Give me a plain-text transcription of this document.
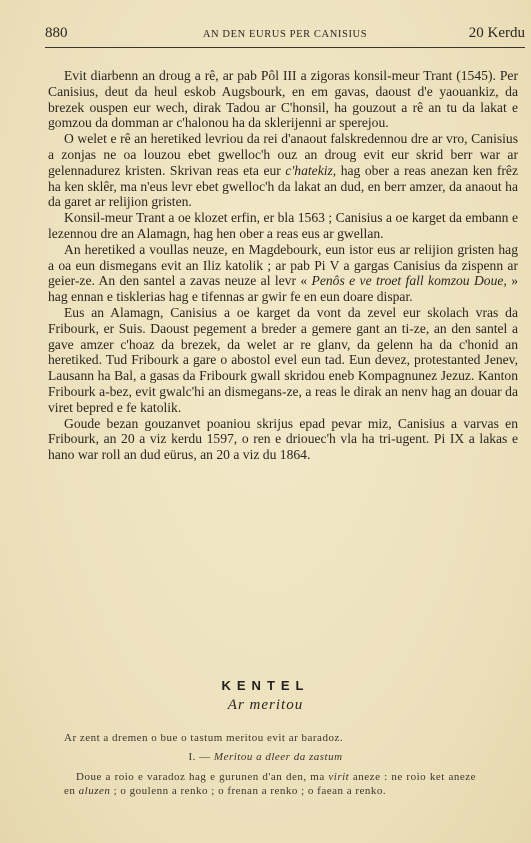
880	AN DEN EURUS PER CANISIUS	20 Kerdu

Evit diarbenn an droug a rê, ar pab Pôl III a zigoras konsil-meur Trant (1545). Per Canisius, deut da heul eskob Augsbourk, en em gavas, daoust d'e yaouankiz, da brezek ouspen eur wech, dirak Tadou ar C'honsil, ha gouzout a rê an tu da lakat e gomzou da domman ar c'halonou ha da sklerijenni ar sperejou.

O welet e rê an heretiked levriou da rei d'anaout falskredennou dre ar vro, Canisius a zonjas ne oa louzou ebet gwelloc'h ouz an droug evit eur skrid berr war ar gelennadurez kristen. Skrivan reas eta eur c'hatekiz, hag ober a reas anezan ken frêz ha ken sklêr, ma n'eus levr ebet gwelloc'h da lakat an dud, en berr amzer, da anaout ha da garet ar relijion gristen.

Konsil-meur Trant a oe klozet erfin, er bla 1563 ; Canisius a oe karget da embann e lezennou dre an Alamagn, hag hen ober a reas eus ar gwellan.

An heretiked a voullas neuze, en Magdebourk, eun istor eus ar relijion gristen hag a oa eun dismegans evit an Iliz katolik ; ar pab Pi V a gargas Canisius da zispenn ar geier-ze. An den santel a zavas neuze al levr « Penôs e ve troet fall komzou Doue, » hag ennan e tisklerias hag e tifennas ar gwir fe en eun doare dispar.

Eus an Alamagn, Canisius a oe karget da vont da zevel eur skolach vras da Fribourk, er Suis. Daoust pegement a breder a gemere gant an ti-ze, an den santel a gave amzer c'hoaz da brezek, da welet ar re glanv, da gelenn ha da c'honid an heretiked. Tud Fribourk a gare o abostol evel eun tad. Eun devez, protestanted Jenev, Lausann ha Bal, a gasas da Fribourk gwall skridou eneb Kompagnunez Jezuz. Kanton Fribourk a-bez, evit gwalc'hi an dismegans-ze, a reas le dirak an nenv hag an douar da viret bepred e fe katolik.

Goude bezan gouzanvet poaniou skrijus epad pevar miz, Canisius a varvas en Fribourk, an 20 a viz kerdu 1597, o ren e driouec'h vla ha tri-ugent. Pi IX a lakas e hano war roll an dud eürus, an 20 a viz du 1864.

KENTEL
Ar meritou
Ar zent a dremen o bue o tastum meritou evit ar baradoz.
I. — Meritou a dleer da zastum

Doue a roio e varadoz hag e gurunen d'an den, ma virit aneze : ne roio ket aneze en aluzen ; o goulenn a renko ; o frenan a renko ; o faean a renko.
